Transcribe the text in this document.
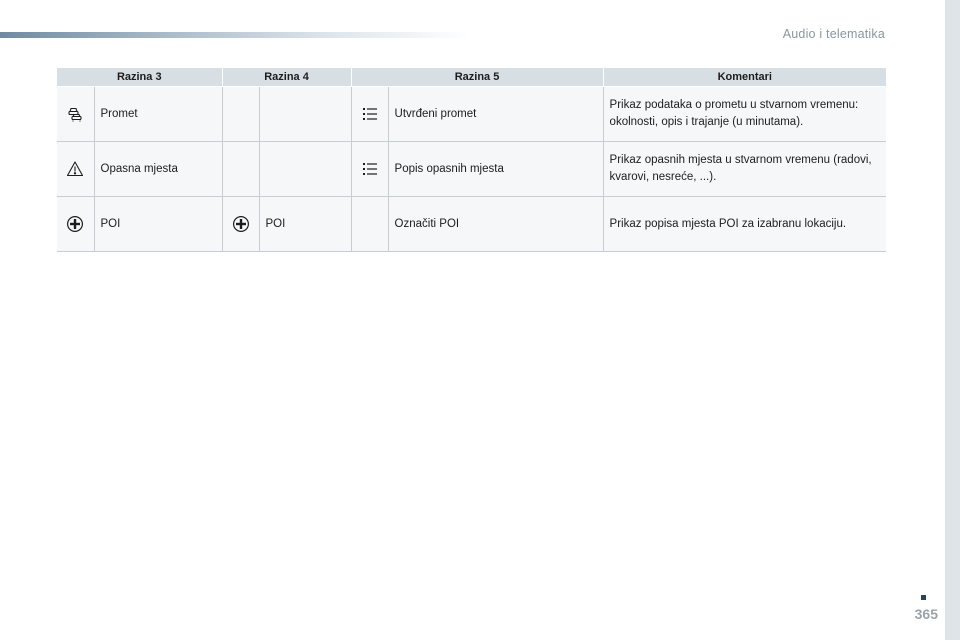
Audio i telematika
365
Razina 3		Razina 4		Razina 5		Komentari

	Promet				Utvrđeni promet	Prikaz podataka o prometu u stvarnom vremenu: okolnosti, opis i trajanje (u minutama).

	Opasna mjesta				Popis opasnih mjesta	Prikaz opasnih mjesta u stvarnom vremenu (radovi, kvarovi, nesreće, ...).

	POI		POI		Označiti POI	Prikaz popisa mjesta POI za izabranu lokaciju.
